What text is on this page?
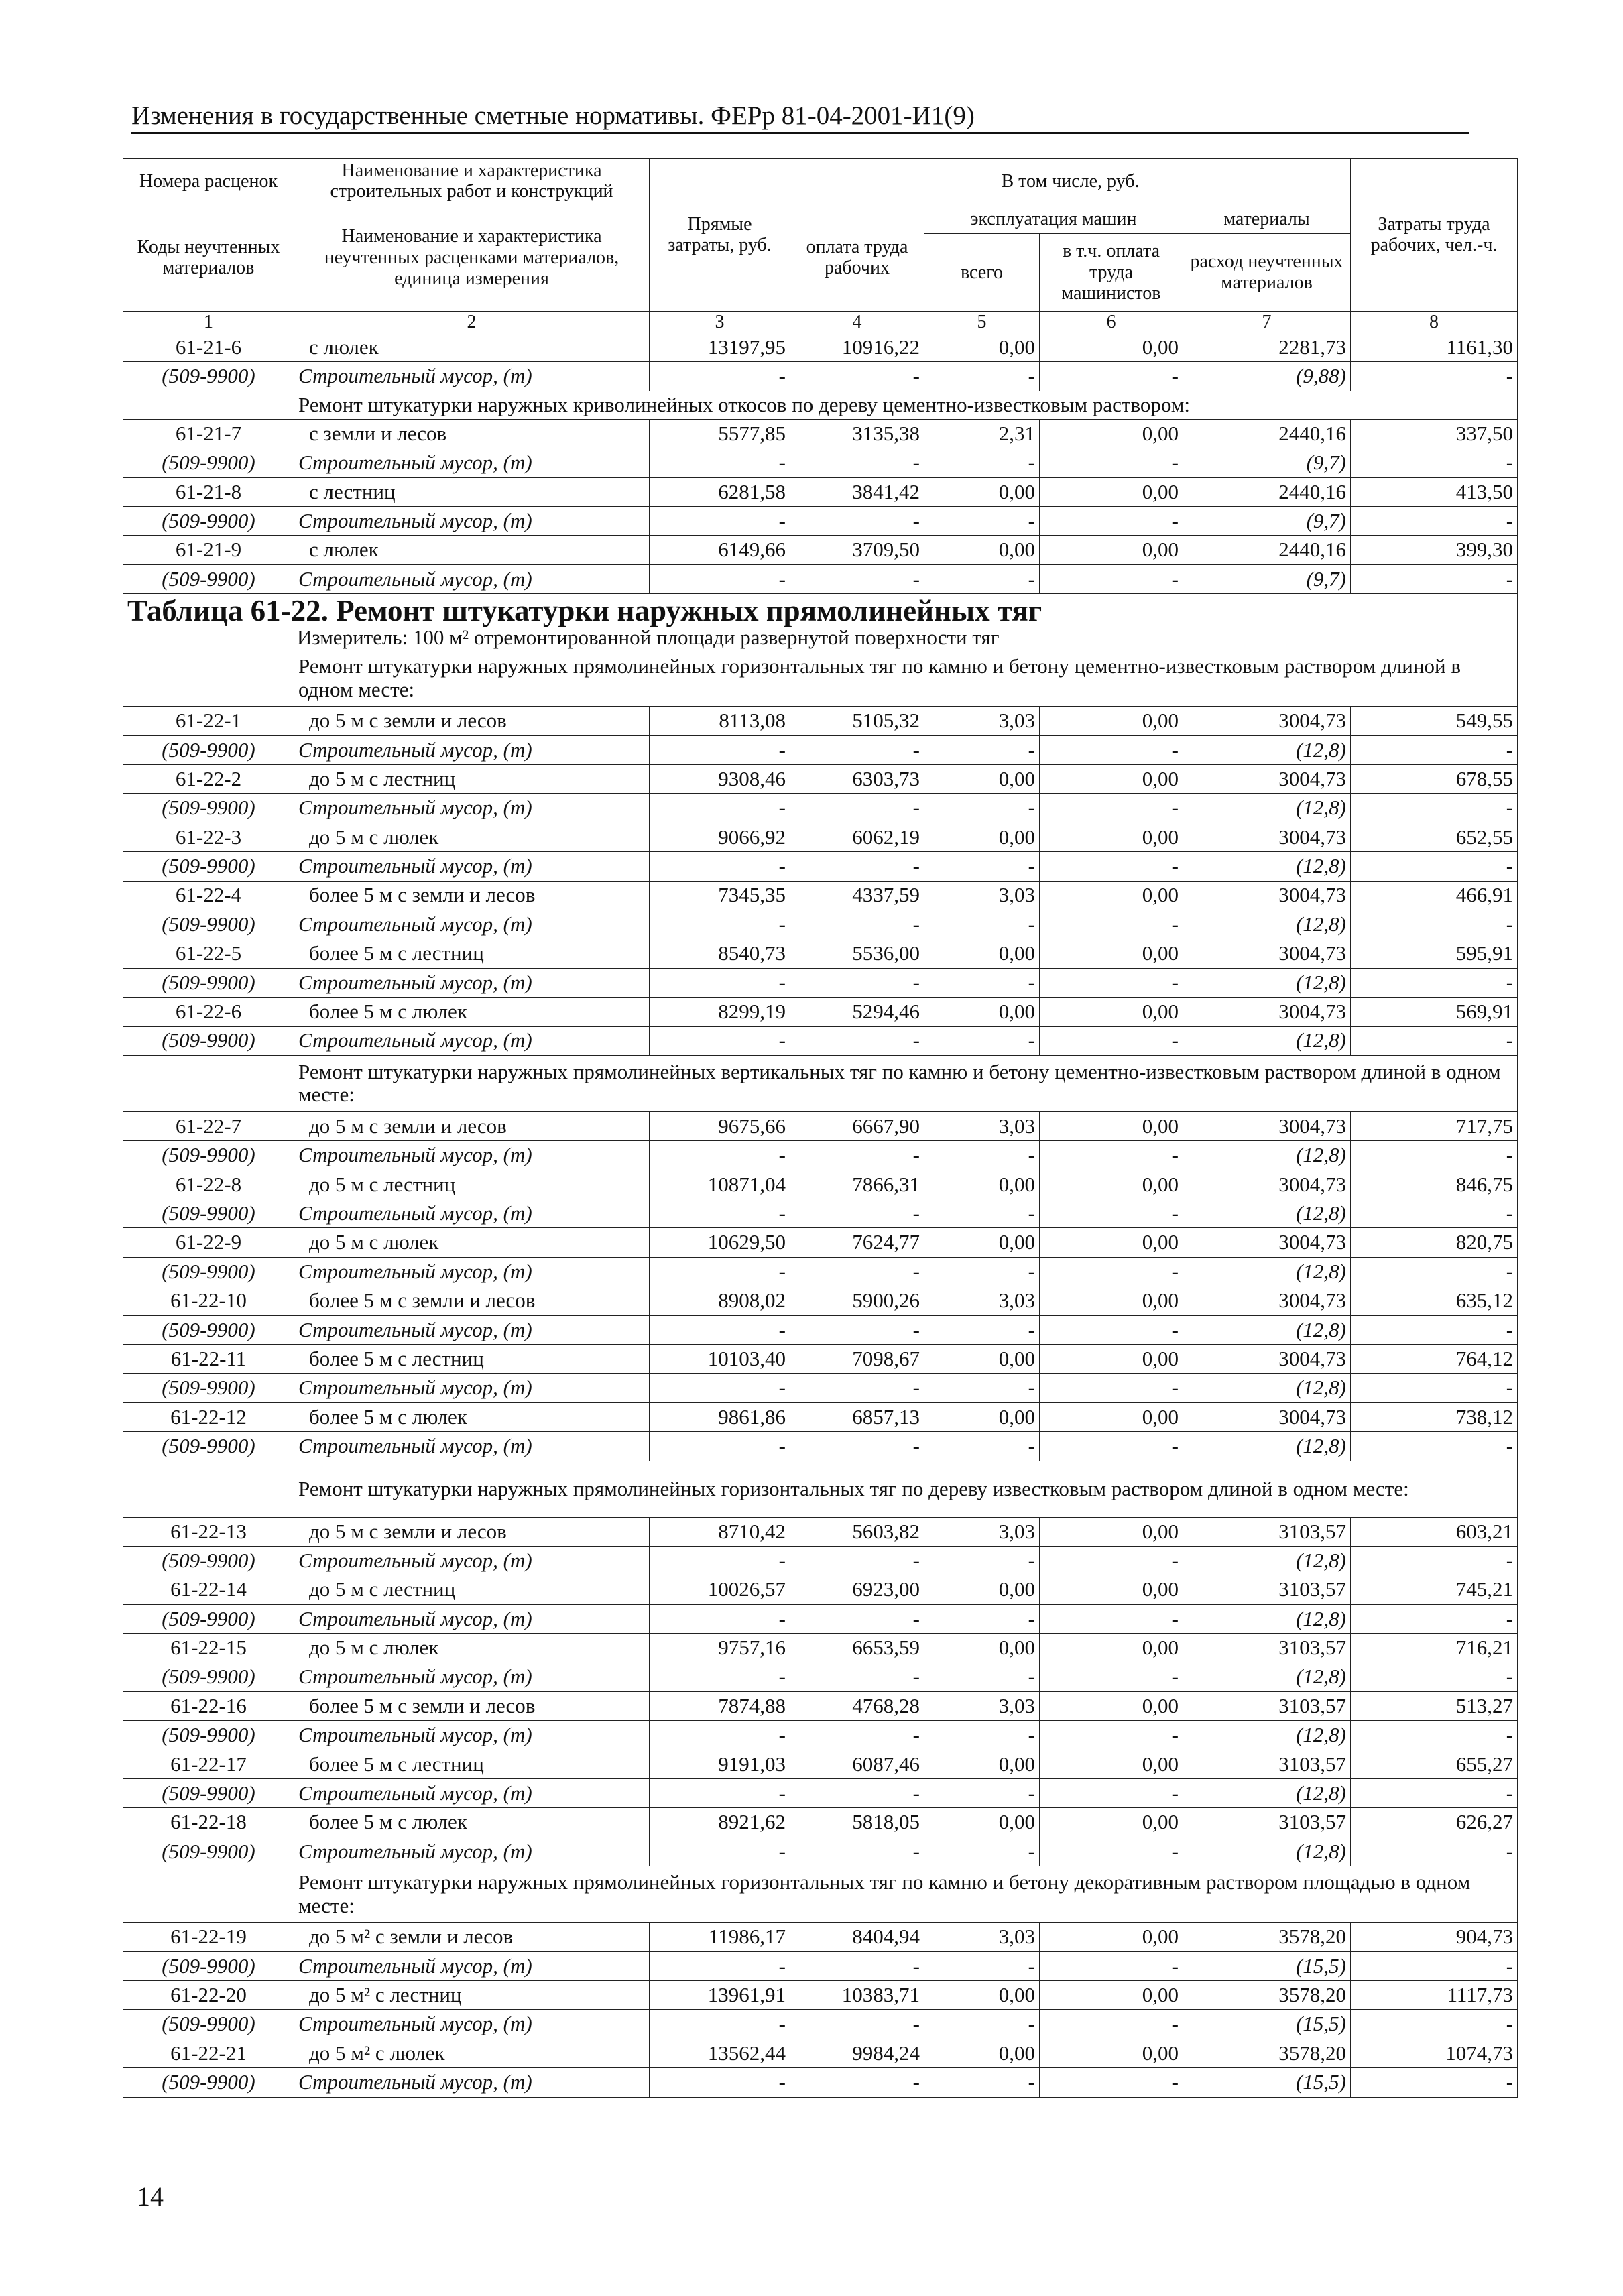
Изменения в государственные сметные нормативы. ФЕРр 81-04-2001-И1(9)
Номера расценок	Наименование и характеристика строительных работ и конструкций	Прямые затраты, руб.	В том числе, руб.				Затраты труда рабочих, чел.-ч.
Коды неучтенных материалов	Наименование и характеристика неучтенных расценками материалов, единица измерения		оплата труда рабочих	эксплуатация машин		материалы	
				всего	в т.ч. оплата труда машинистов	расход неучтенных материалов	
1	2	3	4	5	6	7	8
61-21-6	с люлек	13197,95	10916,22	0,00	0,00	2281,73	1161,30
(509-9900)	Строительный мусор, (т)	-	-	-	-	(9,88)	-
	Ремонт штукатурки наружных криволинейных откосов по дереву цементно-известковым раствором:						
61-21-7	с земли и лесов	5577,85	3135,38	2,31	0,00	2440,16	337,50
(509-9900)	Строительный мусор, (т)	-	-	-	-	(9,7)	-
61-21-8	с лестниц	6281,58	3841,42	0,00	0,00	2440,16	413,50
(509-9900)	Строительный мусор, (т)	-	-	-	-	(9,7)	-
61-21-9	с люлек	6149,66	3709,50	0,00	0,00	2440,16	399,30
(509-9900)	Строительный мусор, (т)	-	-	-	-	(9,7)	-

Таблица 61-22. Ремонт штукатурки наружных прямолинейных тяг
Измеритель: 100 м² отремонтированной площади развернутой поверхности тяг							

	Ремонт штукатурки наружных прямолинейных горизонтальных тяг по камню и бетону цементно-известковым раствором длиной в одном месте:						
61-22-1	до 5 м с земли и лесов	8113,08	5105,32	3,03	0,00	3004,73	549,55
(509-9900)	Строительный мусор, (т)	-	-	-	-	(12,8)	-
61-22-2	до 5 м с лестниц	9308,46	6303,73	0,00	0,00	3004,73	678,55
(509-9900)	Строительный мусор, (т)	-	-	-	-	(12,8)	-
61-22-3	до 5 м с люлек	9066,92	6062,19	0,00	0,00	3004,73	652,55
(509-9900)	Строительный мусор, (т)	-	-	-	-	(12,8)	-
61-22-4	более 5 м с земли и лесов	7345,35	4337,59	3,03	0,00	3004,73	466,91
(509-9900)	Строительный мусор, (т)	-	-	-	-	(12,8)	-
61-22-5	более 5 м с лестниц	8540,73	5536,00	0,00	0,00	3004,73	595,91
(509-9900)	Строительный мусор, (т)	-	-	-	-	(12,8)	-
61-22-6	более 5 м с люлек	8299,19	5294,46	0,00	0,00	3004,73	569,91
(509-9900)	Строительный мусор, (т)	-	-	-	-	(12,8)	-
	Ремонт штукатурки наружных прямолинейных вертикальных тяг по камню и бетону цементно-известковым раствором длиной в одном месте:						
61-22-7	до 5 м с земли и лесов	9675,66	6667,90	3,03	0,00	3004,73	717,75
(509-9900)	Строительный мусор, (т)	-	-	-	-	(12,8)	-
61-22-8	до 5 м с лестниц	10871,04	7866,31	0,00	0,00	3004,73	846,75
(509-9900)	Строительный мусор, (т)	-	-	-	-	(12,8)	-
61-22-9	до 5 м с люлек	10629,50	7624,77	0,00	0,00	3004,73	820,75
(509-9900)	Строительный мусор, (т)	-	-	-	-	(12,8)	-
61-22-10	более 5 м с земли и лесов	8908,02	5900,26	3,03	0,00	3004,73	635,12
(509-9900)	Строительный мусор, (т)	-	-	-	-	(12,8)	-
61-22-11	более 5 м с лестниц	10103,40	7098,67	0,00	0,00	3004,73	764,12
(509-9900)	Строительный мусор, (т)	-	-	-	-	(12,8)	-
61-22-12	более 5 м с люлек	9861,86	6857,13	0,00	0,00	3004,73	738,12
(509-9900)	Строительный мусор, (т)	-	-	-	-	(12,8)	-
	Ремонт штукатурки наружных прямолинейных горизонтальных тяг по дереву известковым раствором длиной в одном месте:						
61-22-13	до 5 м с земли и лесов	8710,42	5603,82	3,03	0,00	3103,57	603,21
(509-9900)	Строительный мусор, (т)	-	-	-	-	(12,8)	-
61-22-14	до 5 м с лестниц	10026,57	6923,00	0,00	0,00	3103,57	745,21
(509-9900)	Строительный мусор, (т)	-	-	-	-	(12,8)	-
61-22-15	до 5 м с люлек	9757,16	6653,59	0,00	0,00	3103,57	716,21
(509-9900)	Строительный мусор, (т)	-	-	-	-	(12,8)	-
61-22-16	более 5 м с земли и лесов	7874,88	4768,28	3,03	0,00	3103,57	513,27
(509-9900)	Строительный мусор, (т)	-	-	-	-	(12,8)	-
61-22-17	более 5 м с лестниц	9191,03	6087,46	0,00	0,00	3103,57	655,27
(509-9900)	Строительный мусор, (т)	-	-	-	-	(12,8)	-
61-22-18	более 5 м с люлек	8921,62	5818,05	0,00	0,00	3103,57	626,27
(509-9900)	Строительный мусор, (т)	-	-	-	-	(12,8)	-
	Ремонт штукатурки наружных прямолинейных горизонтальных тяг по камню и бетону декоративным раствором площадью в одном месте:						
61-22-19	до 5 м² с земли и лесов	11986,17	8404,94	3,03	0,00	3578,20	904,73
(509-9900)	Строительный мусор, (т)	-	-	-	-	(15,5)	-
61-22-20	до 5 м² с лестниц	13961,91	10383,71	0,00	0,00	3578,20	1117,73
(509-9900)	Строительный мусор, (т)	-	-	-	-	(15,5)	-
61-22-21	до 5 м² с люлек	13562,44	9984,24	0,00	0,00	3578,20	1074,73
(509-9900)	Строительный мусор, (т)	-	-	-	-	(15,5)	-
14
